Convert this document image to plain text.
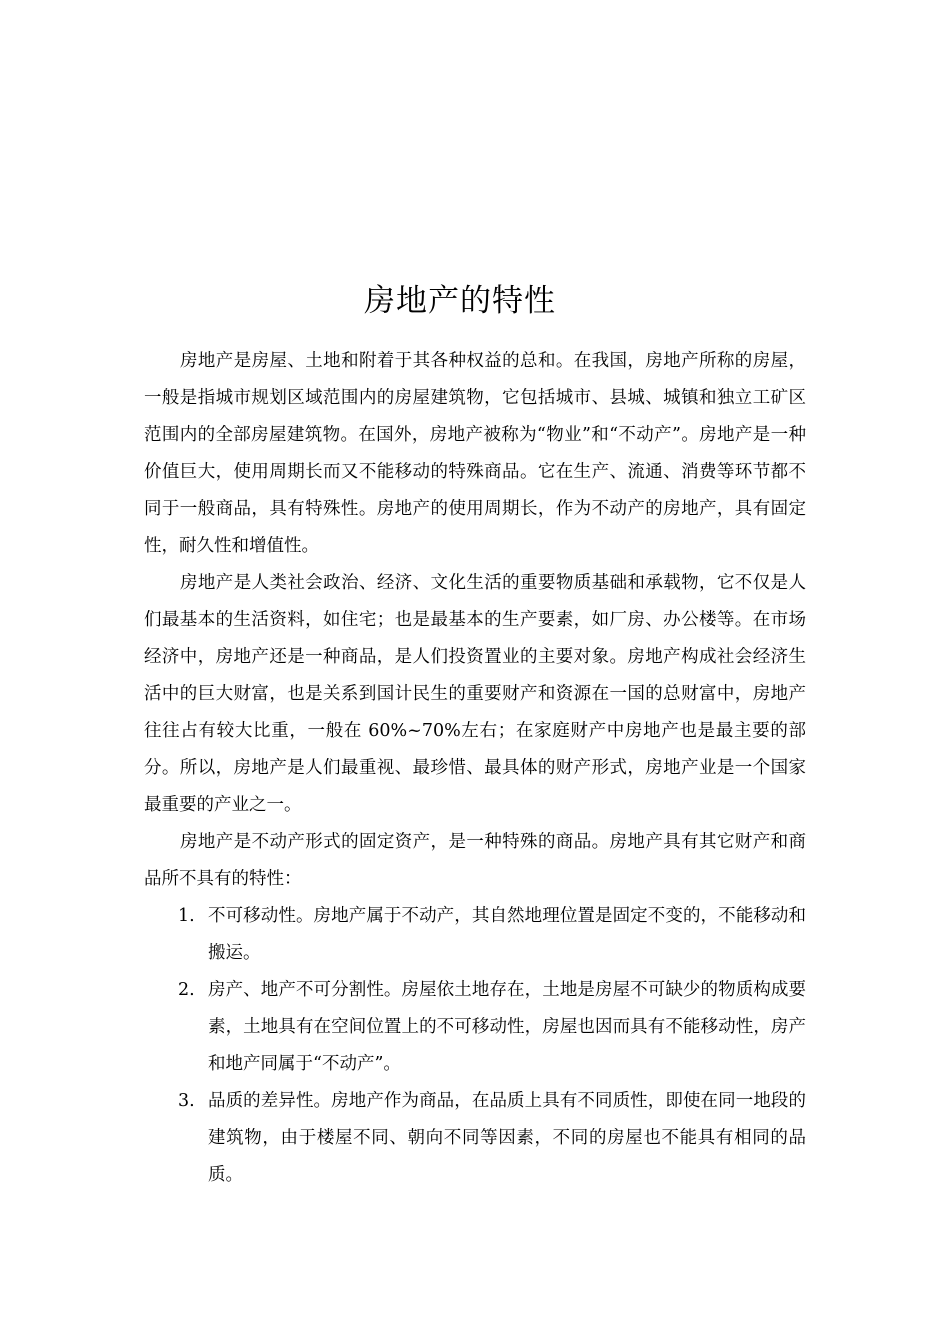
房地产的特性

房地产是房屋、土地和附着于其各种权益的总和。在我国，房地产所称的房屋，一般是指城市规划区域范围内的房屋建筑物，它包括城市、县城、城镇和独立工矿区范围内的全部房屋建筑物。在国外，房地产被称为“物业”和“不动产”。房地产是一种价值巨大，使用周期长而又不能移动的特殊商品。它在生产、流通、消费等环节都不同于一般商品，具有特殊性。房地产的使用周期长，作为不动产的房地产，具有固定性，耐久性和增值性。

房地产是人类社会政治、经济、文化生活的重要物质基础和承载物，它不仅是人们最基本的生活资料，如住宅；也是最基本的生产要素，如厂房、办公楼等。在市场经济中，房地产还是一种商品，是人们投资置业的主要对象。房地产构成社会经济生活中的巨大财富，也是关系到国计民生的重要财产和资源在一国的总财富中，房地产往往占有较大比重，一般在 60%~70%左右；在家庭财产中房地产也是最主要的部分。所以，房地产是人们最重视、最珍惜、最具体的财产形式，房地产业是一个国家最重要的产业之一。

房地产是不动产形式的固定资产，是一种特殊的商品。房地产具有其它财产和商品所不具有的特性：

1. 不可移动性。房地产属于不动产，其自然地理位置是固定不变的，不能移动和搬运。
2. 房产、地产不可分割性。房屋依土地存在，土地是房屋不可缺少的物质构成要素，土地具有在空间位置上的不可移动性，房屋也因而具有不能移动性，房产和地产同属于“不动产”。
3. 品质的差异性。房地产作为商品，在品质上具有不同质性，即使在同一地段的建筑物，由于楼屋不同、朝向不同等因素，不同的房屋也不能具有相同的品质。
